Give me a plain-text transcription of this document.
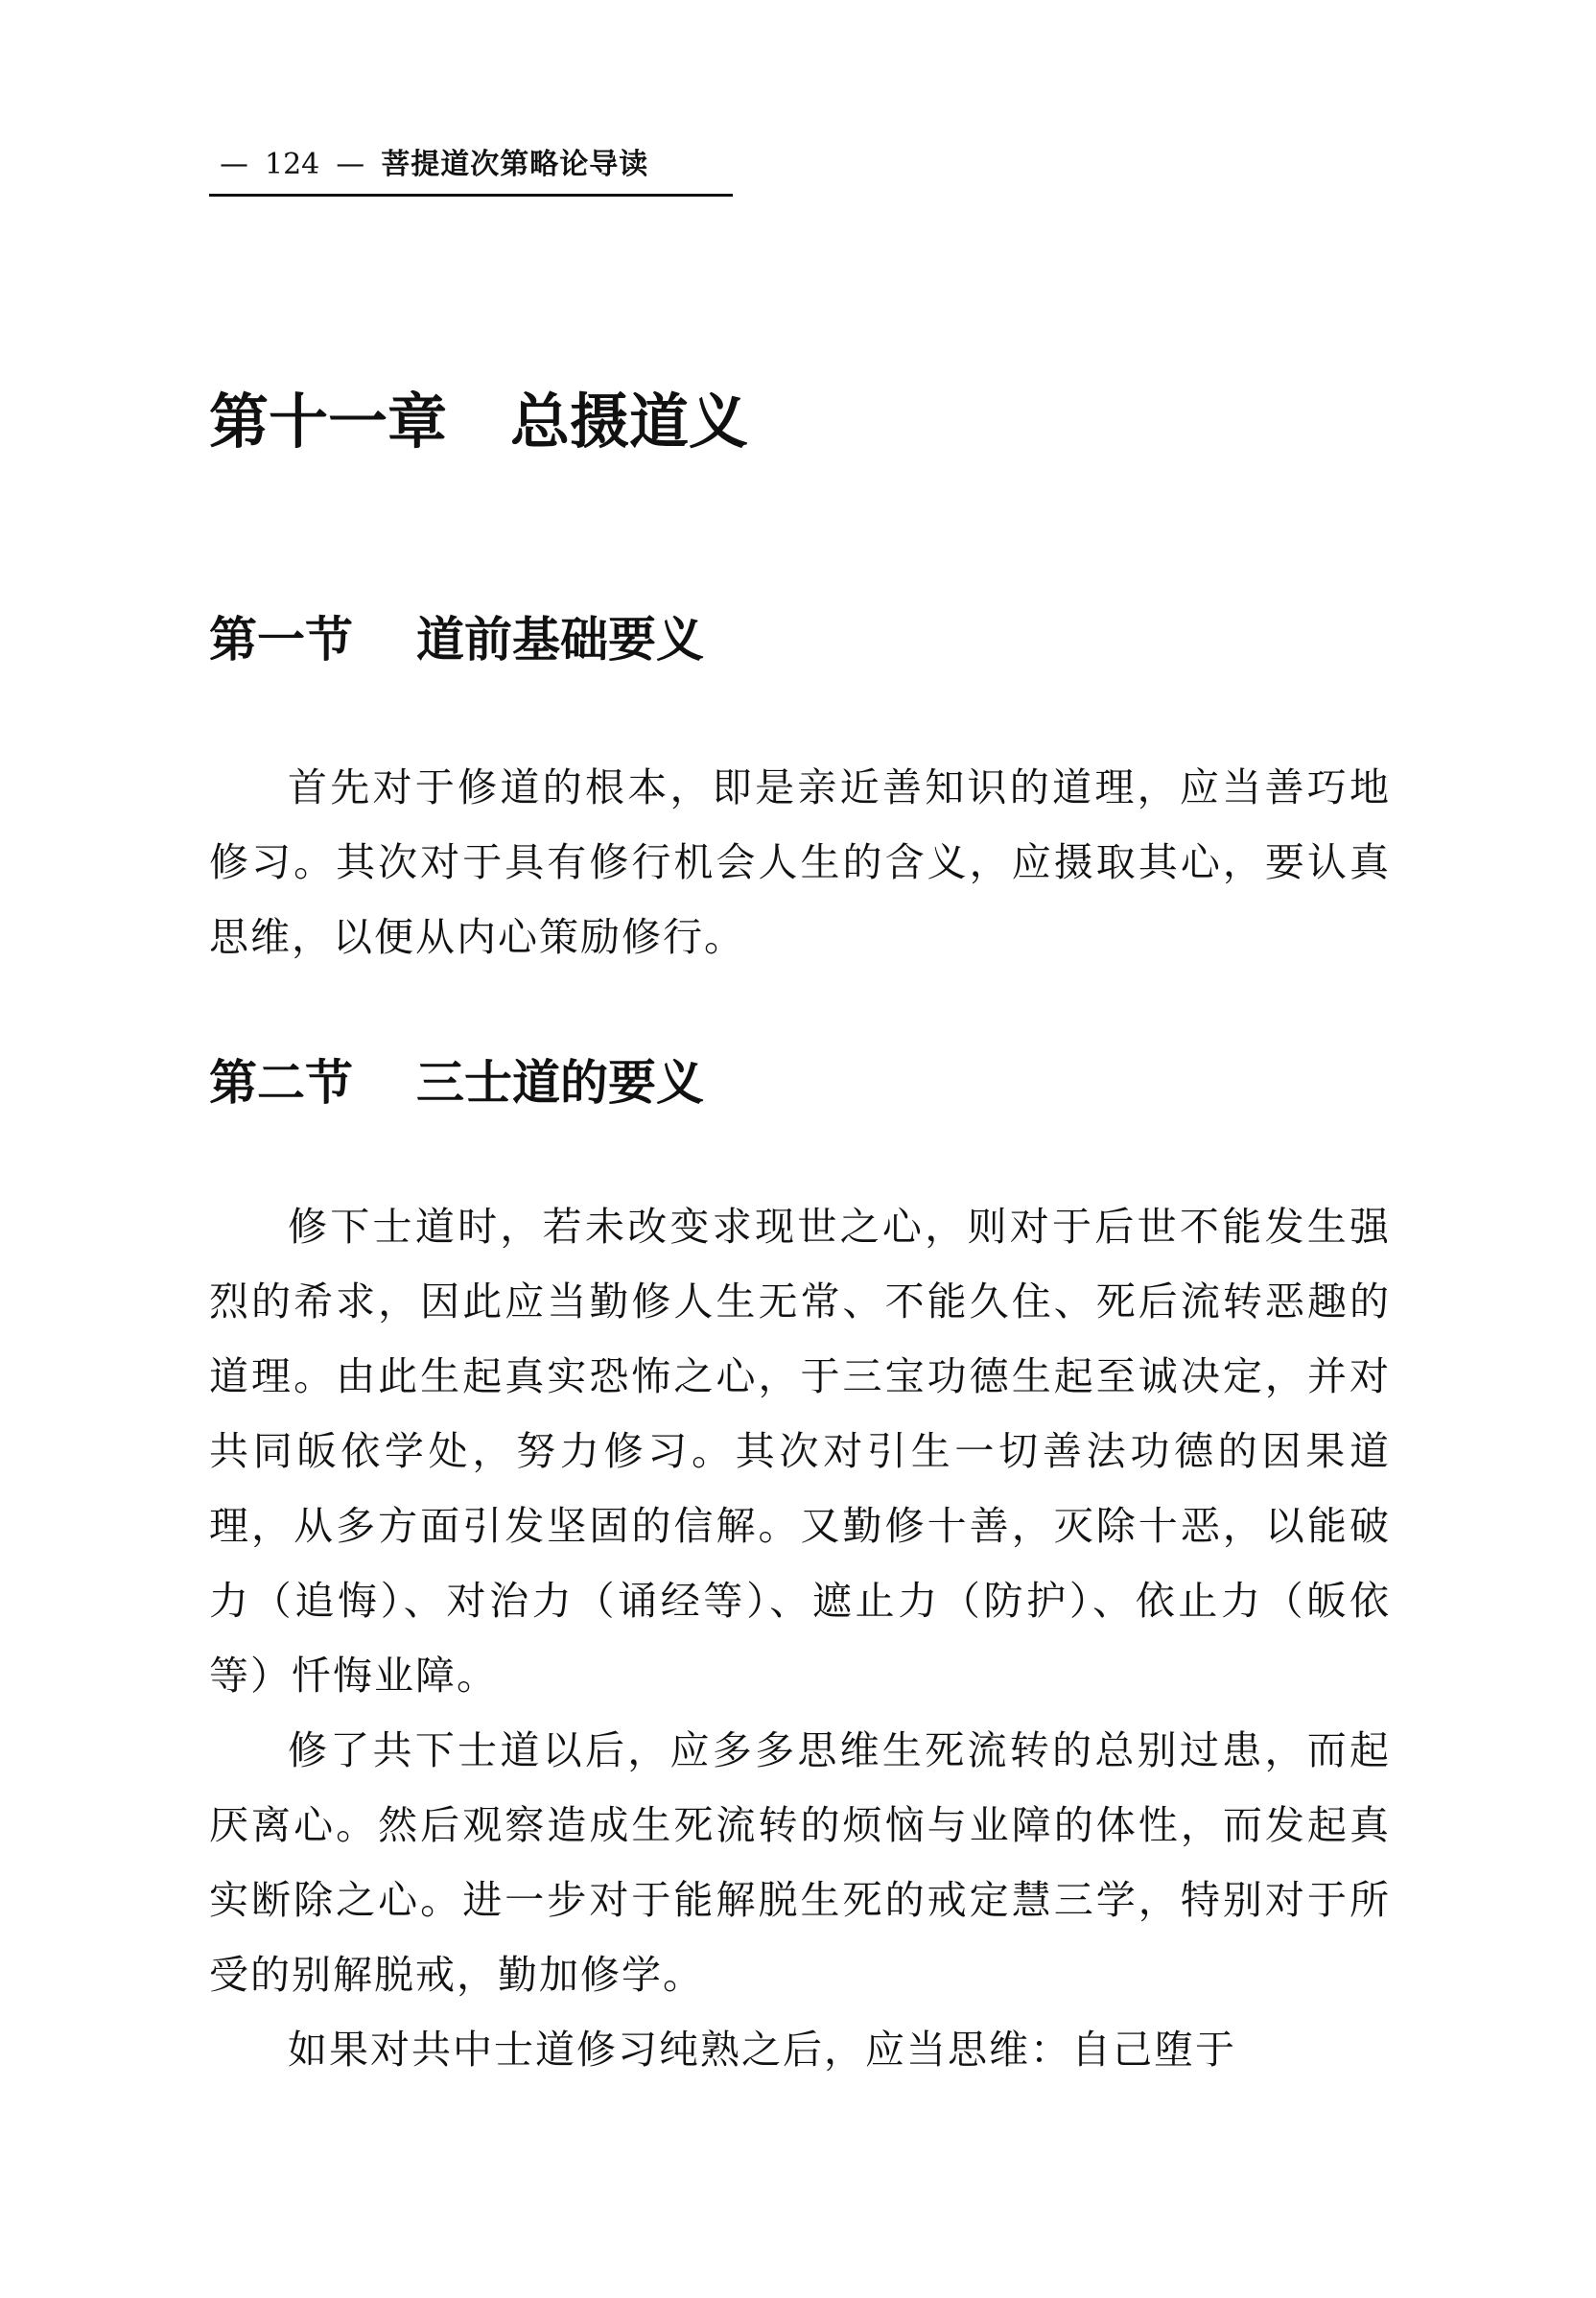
— 124 — 菩提道次第略论导读
第十一章 总摄道义
第一节 道前基础要义

首先对于修道的根本，即是亲近善知识的道理，应当善巧地修习。其次对于具有修行机会人生的含义，应摄取其心，要认真思维，以便从内心策励修行。

第二节 三士道的要义

修下士道时，若未改变求现世之心，则对于后世不能发生强烈的希求，因此应当勤修人生无常、不能久住、死后流转恶趣的道理。由此生起真实恐怖之心，于三宝功德生起至诚决定，并对共同皈依学处，努力修习。其次对引生一切善法功德的因果道理，从多方面引发坚固的信解。又勤修十善，灭除十恶，以能破力（追悔）、对治力（诵经等）、遮止力（防护）、依止力（皈依等）忏悔业障。

修了共下士道以后，应多多思维生死流转的总别过患，而起厌离心。然后观察造成生死流转的烦恼与业障的体性，而发起真实断除之心。进一步对于能解脱生死的戒定慧三学，特别对于所受的别解脱戒，勤加修学。

如果对共中士道修习纯熟之后，应当思维：自己堕于
